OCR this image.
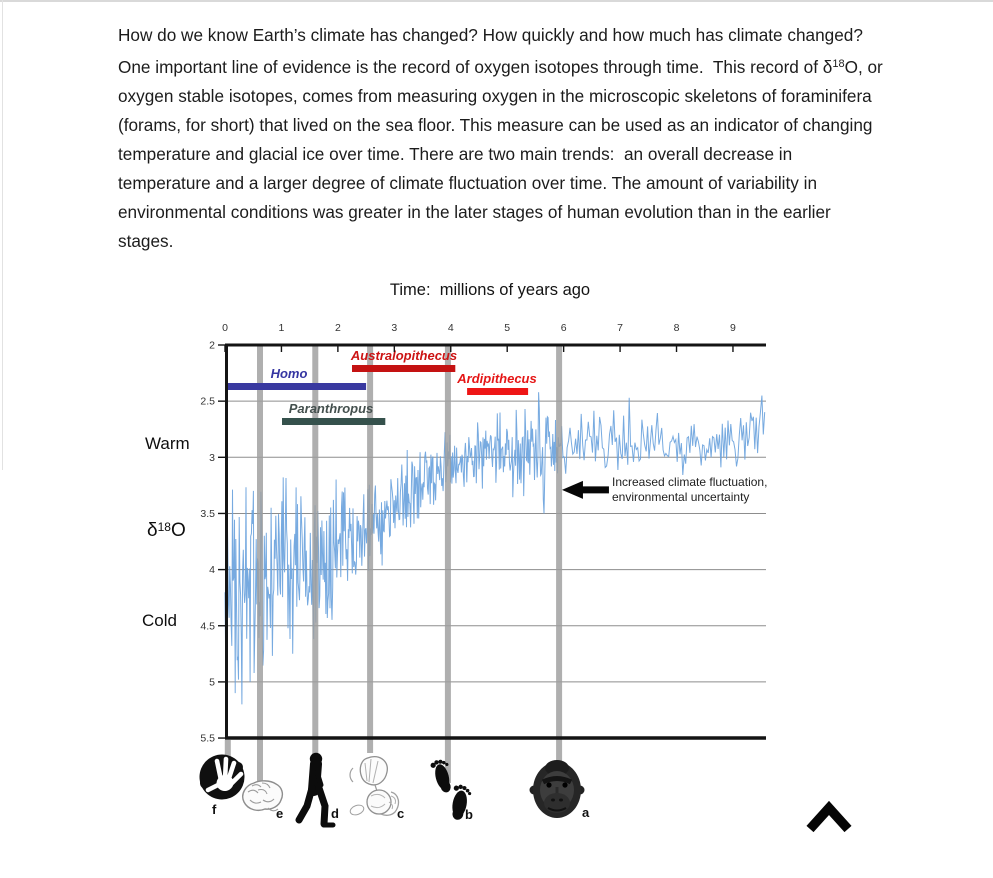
How do we know Earth’s climate has changed? How quickly and how much has climate changed? One important line of evidence is the record of oxygen isotopes through time.  This record of $\delta^{18}O$, or oxygen stable isotopes, comes from measuring oxygen in the microscopic skeletons of foraminifera (forams, for short) that lived on the sea floor. This measure can be used as an indicator of changing temperature and glacial ice over time. There are two main trends:  an overall decrease in temperature and a larger degree of climate fluctuation over time. The amount of variability in environmental conditions was greater in the later stages of human evolution than in the earlier stages.

Time:  millions of years ago
Homo
Australopithecus
Ardipithecus
Paranthropus
0	1	2	3	4	5	6	7	8	9
2
2.5
3
3.5
4
4.5
5
5.5
Warm
$\delta^{18}O$
Cold
Increased climate fluctuation,
environmental uncertainty
f	e	d	c	b	a
